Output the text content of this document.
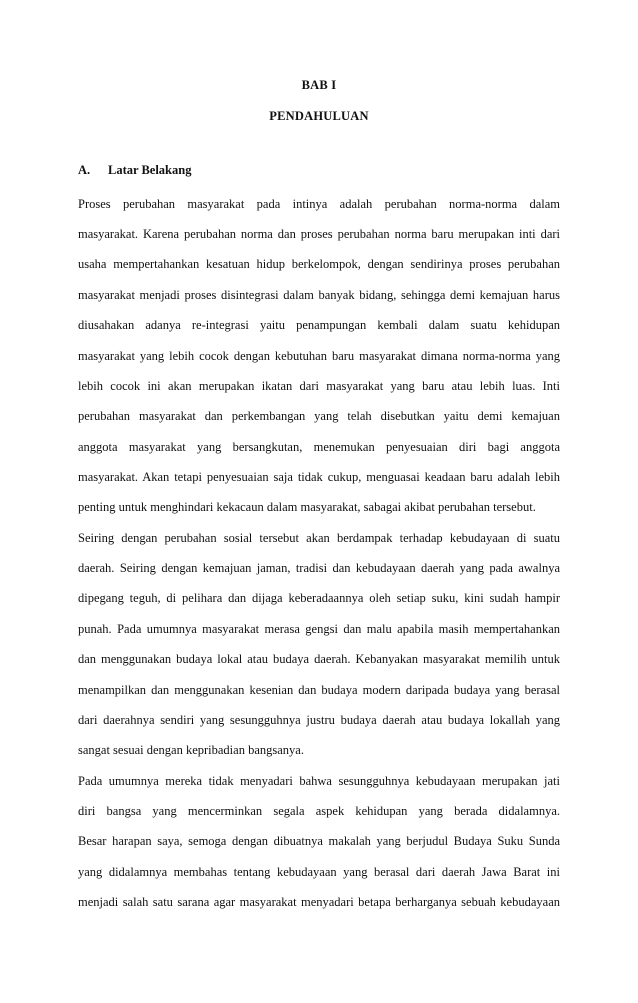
BAB I
PENDAHULUAN
A.	Latar Belakang
Proses perubahan masyarakat pada intinya adalah perubahan norma-norma dalam
masyarakat. Karena perubahan norma dan proses perubahan norma baru merupakan inti dari
usaha mempertahankan kesatuan hidup berkelompok, dengan sendirinya proses perubahan
masyarakat menjadi proses disintegrasi dalam banyak bidang, sehingga demi kemajuan harus
diusahakan adanya re-integrasi yaitu penampungan kembali dalam suatu kehidupan
masyarakat yang lebih cocok dengan kebutuhan baru masyarakat dimana norma-norma yang
lebih cocok ini akan merupakan ikatan dari masyarakat yang baru atau lebih luas. Inti
perubahan masyarakat dan perkembangan yang telah disebutkan yaitu demi kemajuan
anggota masyarakat yang bersangkutan, menemukan penyesuaian diri bagi anggota
masyarakat. Akan tetapi penyesuaian saja tidak cukup, menguasai keadaan baru adalah lebih
penting untuk menghindari kekacaun dalam masyarakat, sabagai akibat perubahan tersebut.
Seiring dengan perubahan sosial tersebut akan berdampak terhadap kebudayaan di suatu
daerah. Seiring dengan kemajuan jaman, tradisi dan kebudayaan daerah yang pada awalnya
dipegang teguh, di pelihara dan dijaga keberadaannya oleh setiap suku, kini sudah hampir
punah. Pada umumnya masyarakat merasa gengsi dan malu apabila masih mempertahankan
dan menggunakan budaya lokal atau budaya daerah. Kebanyakan masyarakat memilih untuk
menampilkan dan menggunakan kesenian dan budaya modern daripada budaya yang berasal
dari daerahnya sendiri yang sesungguhnya justru budaya daerah atau budaya lokallah yang
sangat sesuai dengan kepribadian bangsanya.
Pada umumnya mereka tidak menyadari bahwa sesungguhnya kebudayaan merupakan jati
diri bangsa yang mencerminkan segala aspek kehidupan yang berada didalamnya.
Besar harapan saya, semoga dengan dibuatnya makalah yang berjudul Budaya Suku Sunda
yang didalamnya membahas tentang kebudayaan yang berasal dari daerah Jawa Barat ini
menjadi salah satu sarana agar masyarakat menyadari betapa berharganya sebuah kebudayaan
